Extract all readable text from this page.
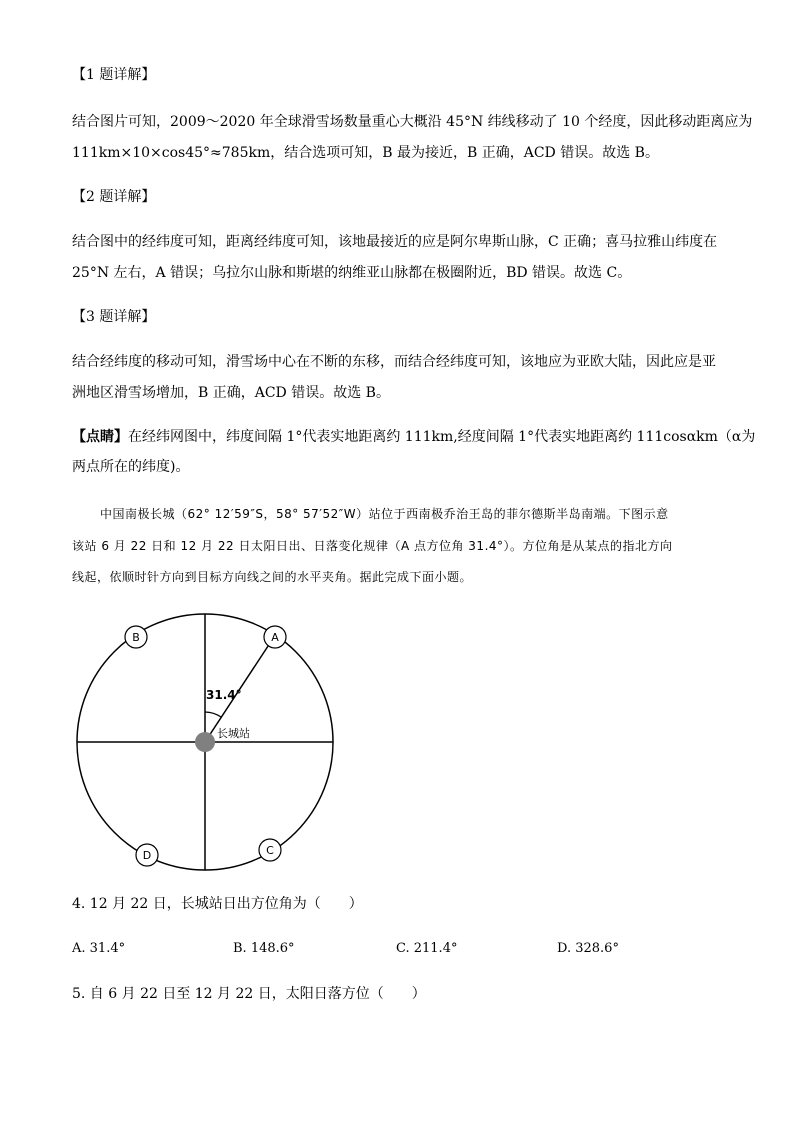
【1 题详解】
结合图片可知，2009～2020 年全球滑雪场数量重心大概沿 45°N 纬线移动了 10 个经度，因此移动距离应为
111km×10×cos45°≈785km，结合选项可知，B 最为接近，B 正确，ACD 错误。故选 B。
【2 题详解】
结合图中的经纬度可知，距离经纬度可知，该地最接近的应是阿尔卑斯山脉，C 正确；喜马拉雅山纬度在
25°N 左右，A 错误；乌拉尔山脉和斯堪的纳维亚山脉都在极圈附近，BD 错误。故选 C。
【3 题详解】
结合经纬度的移动可知，滑雪场中心在不断的东移，而结合经纬度可知，该地应为亚欧大陆，因此应是亚
洲地区滑雪场增加，B 正确，ACD 错误。故选 B。
【点睛】在经纬网图中，纬度间隔 1°代表实地距离约 111km,经度间隔 1°代表实地距离约 111cosαkm（α为
两点所在的纬度)。
中国南极长城（62° 12′59″S，58° 57′52″W）站位于西南极乔治王岛的菲尔德斯半岛南端。下图示意
该站 6 月 22 日和 12 月 22 日太阳日出、日落变化规律（A 点方位角 31.4°）。方位角是从某点的指北方向
线起，依顺时针方向到目标方向线之间的水平夹角。据此完成下面小题。
31.4°
长城站
A
B
C
D
4. 12 月 22 日，长城站日出方位角为（　　）
A. 31.4°	B. 148.6°	C. 211.4°	D. 328.6°
5. 自 6 月 22 日至 12 月 22 日，太阳日落方位（　　）
